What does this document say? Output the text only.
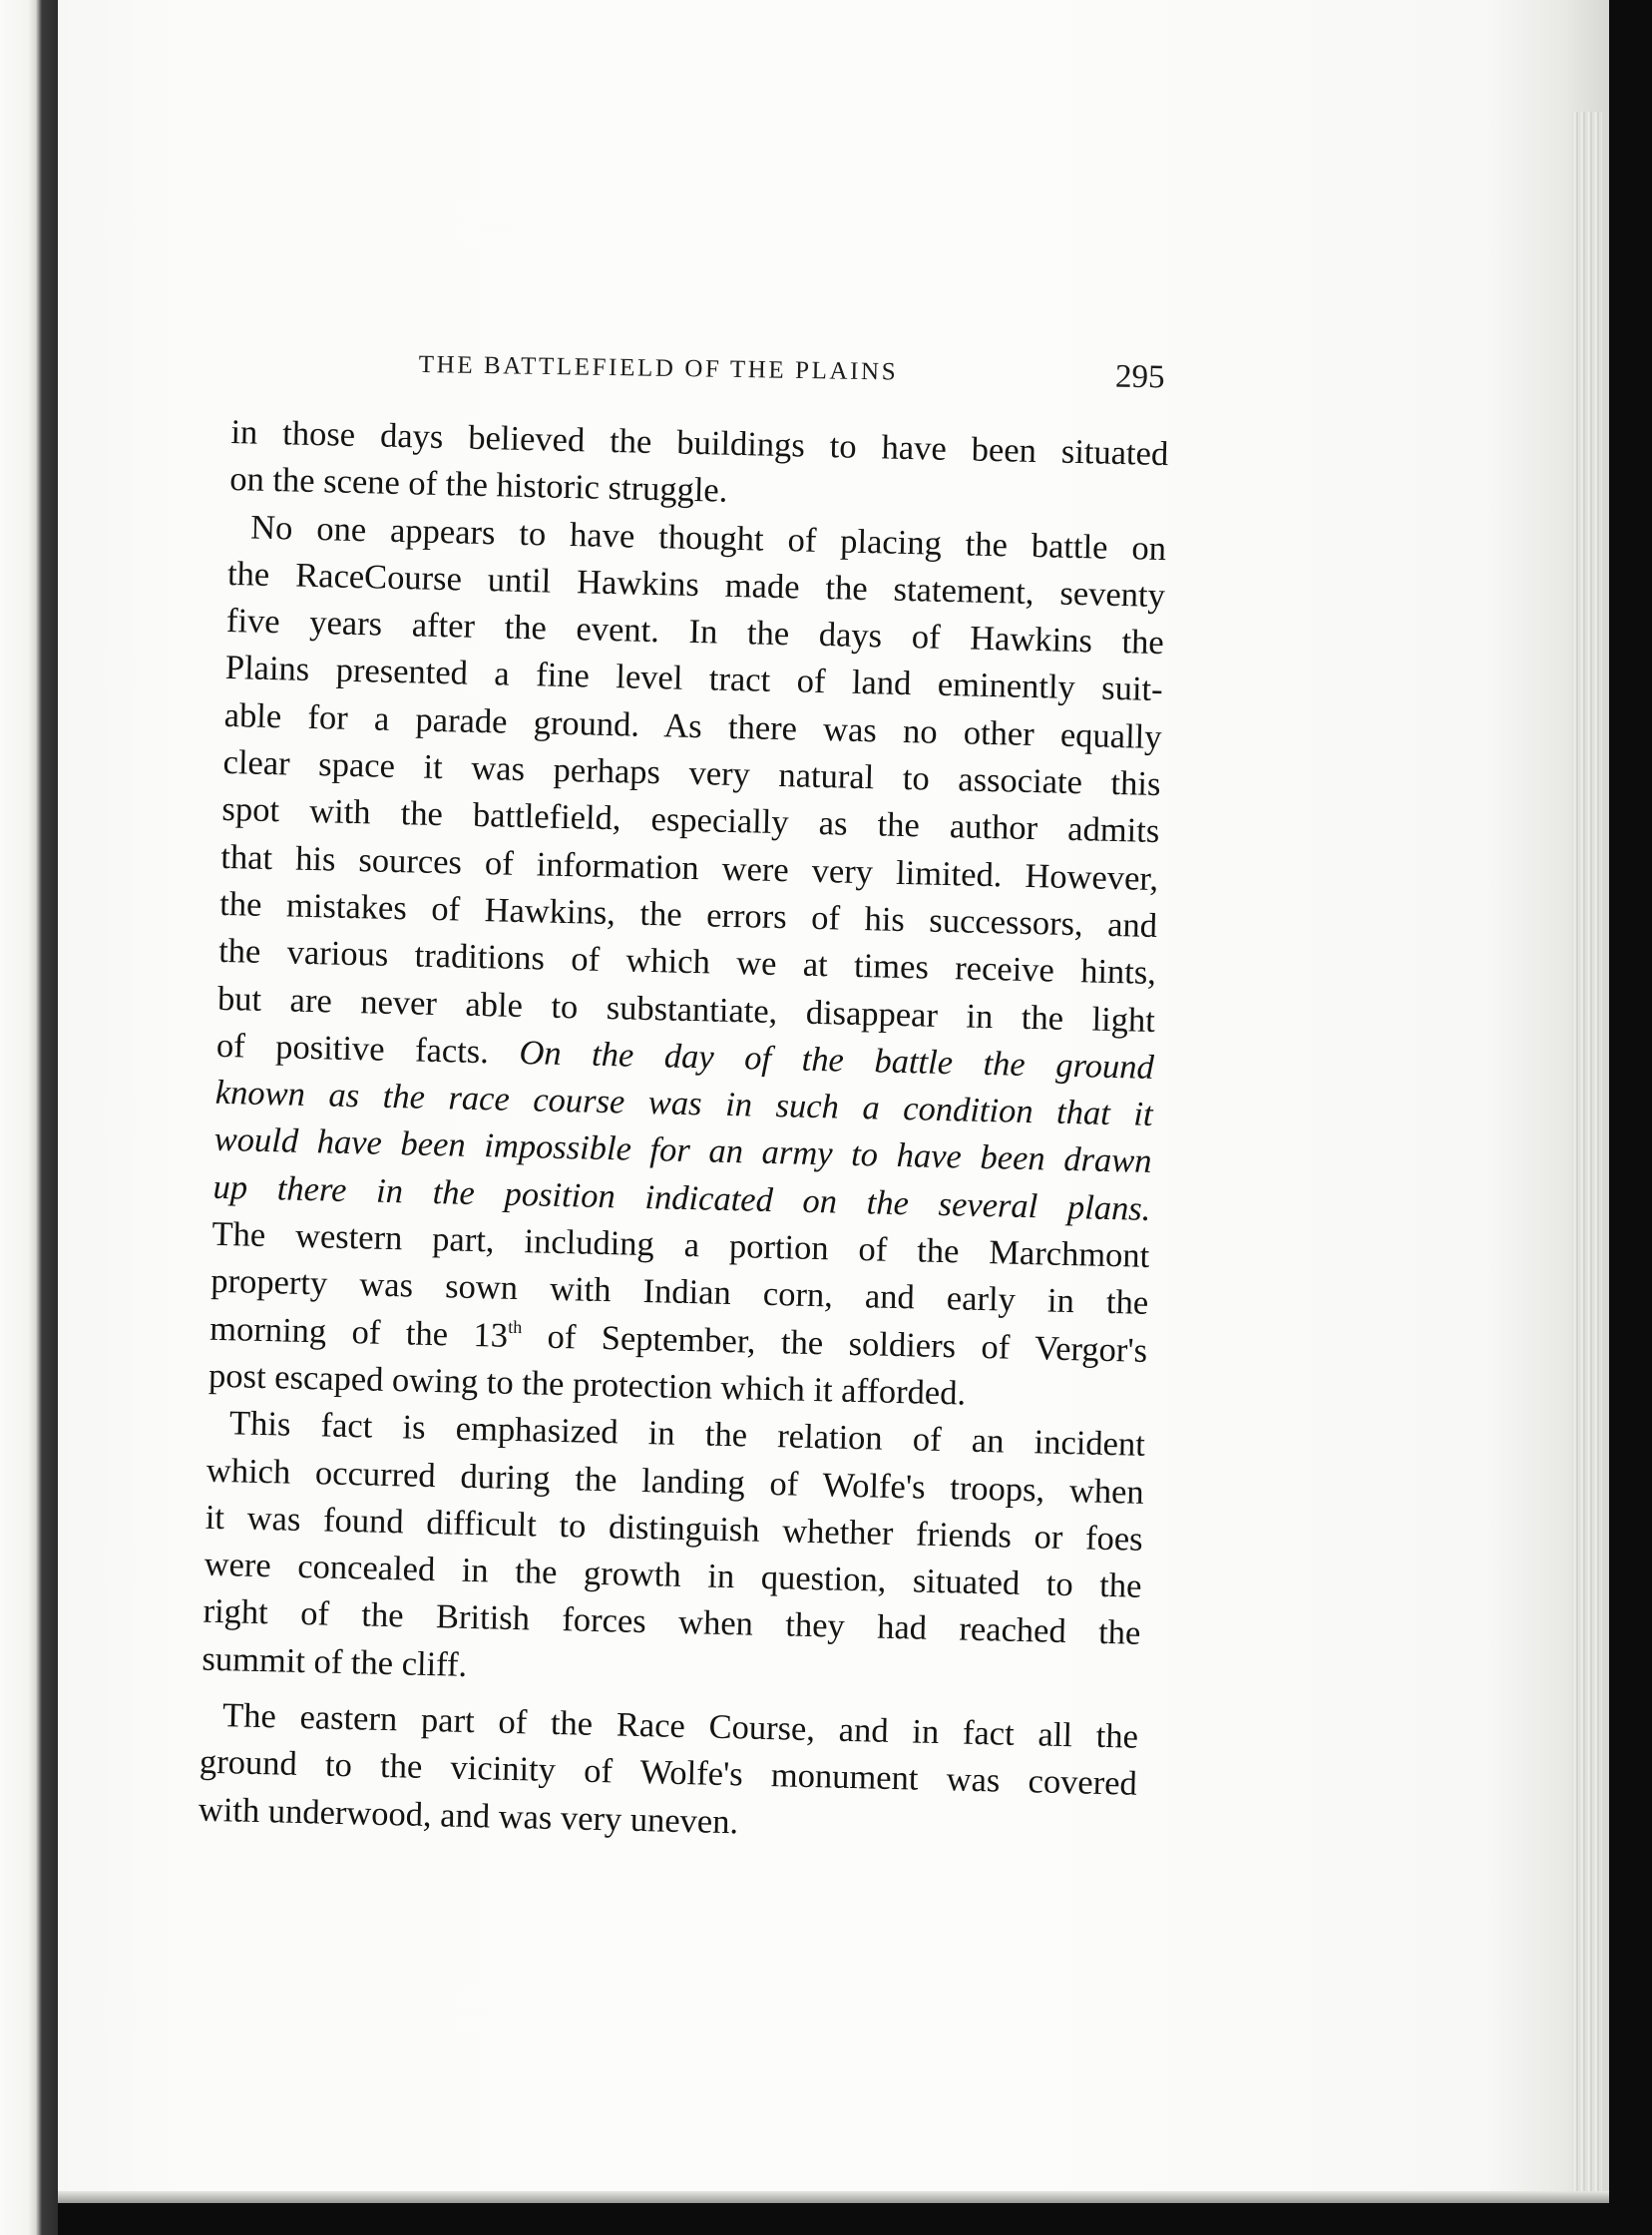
THE BATTLEFIELD OF THE PLAINS	295
in those days believed the buildings to have been situated
on the scene of the historic struggle.
No one appears to have thought of placing the battle on
the RaceCourse until Hawkins made the statement, seventy
five years after the event. In the days of Hawkins the
Plains presented a fine level tract of land eminently suit-
able for a parade ground. As there was no other equally
clear space it was perhaps very natural to associate this
spot with the battlefield, especially as the author admits
that his sources of information were very limited. However,
the mistakes of Hawkins, the errors of his successors, and
the various traditions of which we at times receive hints,
but are never able to substantiate, disappear in the light
of positive facts. On the day of the battle the ground
known as the race course was in such a condition that it
would have been impossible for an army to have been drawn
up there in the position indicated on the several plans.
The western part, including a portion of the Marchmont
property was sown with Indian corn, and early in the
morning of the 13th of September, the soldiers of Vergor's
post escaped owing to the protection which it afforded.
This fact is emphasized in the relation of an incident
which occurred during the landing of Wolfe's troops, when
it was found difficult to distinguish whether friends or foes
were concealed in the growth in question, situated to the
right of the British forces when they had reached the
summit of the cliff.
The eastern part of the Race Course, and in fact all the
ground to the vicinity of Wolfe's monument was covered
with underwood, and was very uneven.
